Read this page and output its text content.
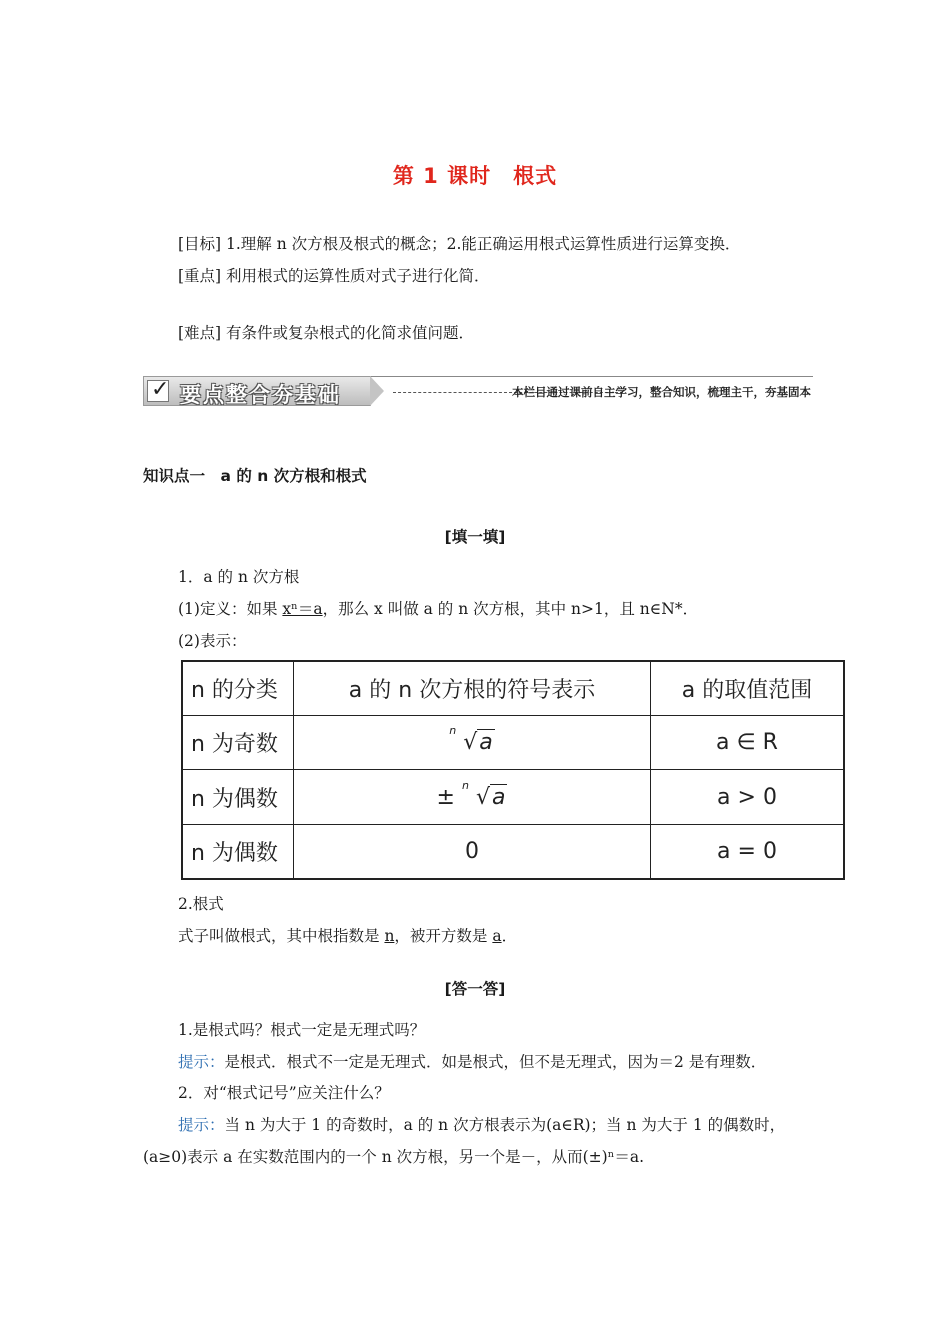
第 1 课时　根式
[目标] 1.理解 n 次方根及根式的概念；2.能正确运用根式运算性质进行运算变换．
[重点] 利用根式的运算性质对式子进行化简．
[难点] 有条件或复杂根式的化简求值问题．
✓ 要点整合夯基础	本栏目通过课前自主学习，整合知识，梳理主干，夯基固本
知识点一　a 的 n 次方根和根式
[填一填]
1．a 的 n 次方根
(1)定义：如果 xⁿ＝a，那么 x 叫做 a 的 n 次方根，其中 n>1，且 n∈N*．
(2)表示：
n 的分类	a 的 n 次方根的符号表示	a 的取值范围
n 为奇数	n √a	a ∈ R
n 为偶数	± n √a	a > 0
n 为偶数	0	a = 0
2.根式
式子叫做根式，其中根指数是 n，被开方数是 a．
[答一答]
1.是根式吗？根式一定是无理式吗？
提示：是根式．根式不一定是无理式．如是根式，但不是无理式，因为＝2 是有理数．
2．对“根式记号”应关注什么？
提示：当 n 为大于 1 的奇数时，a 的 n 次方根表示为(a∈R)；当 n 为大于 1 的偶数时，
(a≥0)表示 a 在实数范围内的一个 n 次方根，另一个是－，从而(±)ⁿ＝a.
